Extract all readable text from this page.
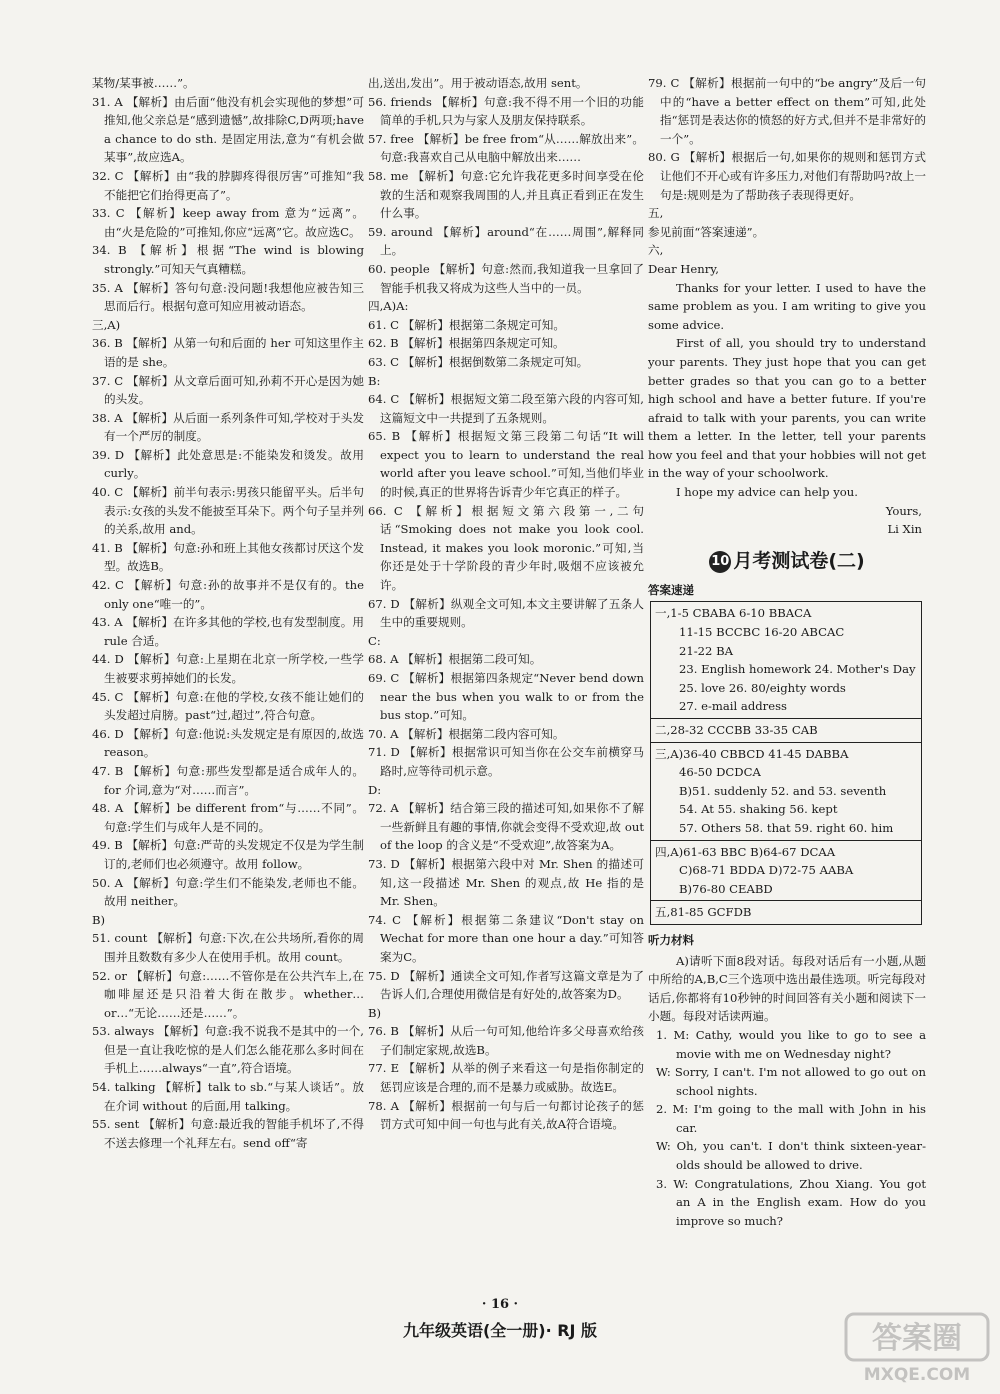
某物/某事被……”。

31. A 【解析】由后面“他没有机会实现他的梦想”可推知,他父亲总是“感到遗憾”,故排除C,D两项;have a chance to do sth. 是固定用法,意为“有机会做某事”,故应选A。

32. C 【解析】由“我的脖脚疼得很厉害”可推知“我不能把它们抬得更高了”。

33. C 【解析】keep away from 意为“远离”。由“火是危险的”可推知,你应“远离”它。故应选C。

34. B 【解析】根据“The wind is blowing strongly.”可知天气真糟糕。

35. A 【解析】答句句意:没问题!我想他应被告知三思而后行。根据句意可知应用被动语态。

三,A)

36. B 【解析】从第一句和后面的 her 可知这里作主语的是 she。

37. C 【解析】从文章后面可知,孙莉不开心是因为她的头发。

38. A 【解析】从后面一系列条件可知,学校对于头发有一个严厉的制度。

39. D 【解析】此处意思是:不能染发和烫发。故用 curly。

40. C 【解析】前半句表示:男孩只能留平头。后半句表示:女孩的头发不能披至耳朵下。两个句子呈并列的关系,故用 and。

41. B 【解析】句意:孙和班上其他女孩都讨厌这个发型。故选B。

42. C 【解析】句意:孙的故事并不是仅有的。the only one“唯一的”。

43. A 【解析】在许多其他的学校,也有发型制度。用 rule 合适。

44. D 【解析】句意:上星期在北京一所学校,一些学生被要求剪掉她们的长发。

45. C 【解析】句意:在他的学校,女孩不能让她们的头发超过肩膀。past“过,超过”,符合句意。

46. D 【解析】句意:他说:头发规定是有原因的,故选 reason。

47. B 【解析】句意:那些发型都是适合成年人的。for 介词,意为“对……而言”。

48. A 【解析】be different from“与……不同”。句意:学生们与成年人是不同的。

49. B 【解析】句意:严苛的头发规定不仅是为学生制订的,老师们也必须遵守。故用 follow。

50. A 【解析】句意:学生们不能染发,老师也不能。故用 neither。

B)

51. count 【解析】句意:下次,在公共场所,看你的周围并且数数有多少人在使用手机。故用 count。

52. or 【解析】句意:……不管你是在公共汽车上,在咖啡屋还是只沿着大街在散步。whether…or…“无论……还是……”。

53. always 【解析】句意:我不说我不是其中的一个,但是一直让我吃惊的是人们怎么能花那么多时间在手机上……always“一直”,符合语境。

54. talking 【解析】talk to sb.“与某人谈话”。放在介词 without 的后面,用 talking。

55. sent 【解析】句意:最近我的智能手机坏了,不得不送去修理一个礼拜左右。send off“寄

出,送出,发出”。用于被动语态,故用 sent。

56. friends 【解析】句意:我不得不用一个旧的功能简单的手机,只为与家人及朋友保持联系。

57. free 【解析】be free from“从……解放出来”。句意:我喜欢自己从电脑中解放出来……

58. me 【解析】句意:它允许我花更多时间享受在伦敦的生活和观察我周围的人,并且真正看到正在发生什么事。

59. around 【解析】around“在……周围”,解释同上。

60. people 【解析】句意:然而,我知道我一旦拿回了智能手机我又将成为这些人当中的一员。

四,A)A:

61. C 【解析】根据第二条规定可知。

62. B 【解析】根据第四条规定可知。

63. C 【解析】根据倒数第二条规定可知。

B:

64. C 【解析】根据短文第二段至第六段的内容可知,这篇短文中一共提到了五条规则。

65. B 【解析】根据短文第三段第二句话“It will expect you to learn to understand the real world after you leave school.”可知,当他们毕业的时候,真正的世界将告诉青少年它真正的样子。

66. C 【解析】根据短文第六段第一,二句话“Smoking does not make you look cool. Instead, it makes you look moronic.”可知,当你还是处于十学阶段的青少年时,吸烟不应该被允许。

67. D 【解析】纵观全文可知,本文主要讲解了五条人生中的重要规则。

C:

68. A 【解析】根据第二段可知。

69. C 【解析】根据第四条规定“Never bend down near the bus when you walk to or from the bus stop.”可知。

70. A 【解析】根据第二段内容可知。

71. D 【解析】根据常识可知当你在公交车前横穿马路时,应等待司机示意。

D:

72. A 【解析】结合第三段的描述可知,如果你不了解一些新鲜且有趣的事情,你就会变得不受欢迎,故 out of the loop 的含义是“不受欢迎”,故答案为A。

73. D 【解析】根据第六段中对 Mr. Shen 的描述可知,这一段描述 Mr. Shen 的观点,故 He 指的是 Mr. Shen。

74. C 【解析】根据第二条建议“Don't stay on Wechat for more than one hour a day.”可知答案为C。

75. D 【解析】通读全文可知,作者写这篇文章是为了告诉人们,合理使用微信是有好处的,故答案为D。

B)

76. B 【解析】从后一句可知,他给许多父母喜欢给孩子们制定家规,故选B。

77. E 【解析】从举的例子来看这一句是指你制定的惩罚应该是合理的,而不是暴力或威胁。故选E。

78. A 【解析】根据前一句与后一句都讨论孩子的惩罚方式可知中间一句也与此有关,故A符合语境。

79. C 【解析】根据前一句中的“be angry”及后一句中的“have a better effect on them”可知,此处指“惩罚是表达你的愤怒的好方式,但并不是非常好的一个”。

80. G 【解析】根据后一句,如果你的规则和惩罚方式让他们不开心或有许多压力,对他们有帮助吗?故上一句是:规则是为了帮助孩子表现得更好。

五,

参见前面“答案速递”。

六,

Dear Henry,

Thanks for your letter. I used to have the same problem as you. I am writing to give you some advice.

First of all, you should try to understand your parents. They just hope that you can get better grades so that you can go to a better high school and have a better future. If you're afraid to talk with your parents, you can write them a letter. In the letter, tell your parents how you feel and that your hobbies will not get in the way of your schoolwork.

I hope my advice can help you.

Yours,

Li Xin

10 月考测试卷(二)
答案速递

一,1-5 CBABA 6-10 BBACA

11-15 BCCBC 16-20 ABCAC

21-22 BA

23. English homework 24. Mother's Day

25. love 26. 80/eighty words

27. e-mail address

二,28-32 CCCBB 33-35 CAB

三,A)36-40 CBBCD 41-45 DABBA

46-50 DCDCA

B)51. suddenly 52. and 53. seventh

54. At 55. shaking 56. kept

57. Others 58. that 59. right 60. him

四,A)61-63 BBC B)64-67 DCAA

C)68-71 BDDA D)72-75 AABA

B)76-80 CEABD

五,81-85 GCFDB

听力材料

A)请听下面8段对话。每段对话后有一小题,从题中所给的A,B,C三个选项中选出最佳选项。听完每段对话后,你都将有10秒钟的时间回答有关小题和阅读下一小题。每段对话读两遍。

1. M: Cathy, would you like to go to see a movie with me on Wednesday night?

W: Sorry, I can't. I'm not allowed to go out on school nights.

2. M: I'm going to the mall with John in his car.

W: Oh, you can't. I don't think sixteen-year-olds should be allowed to drive.

3. W: Congratulations, Zhou Xiang. You got an A in the English exam. How do you improve so much?

· 16 ·
九年级英语(全一册)· RJ 版	答案圈
MXQE.COM
